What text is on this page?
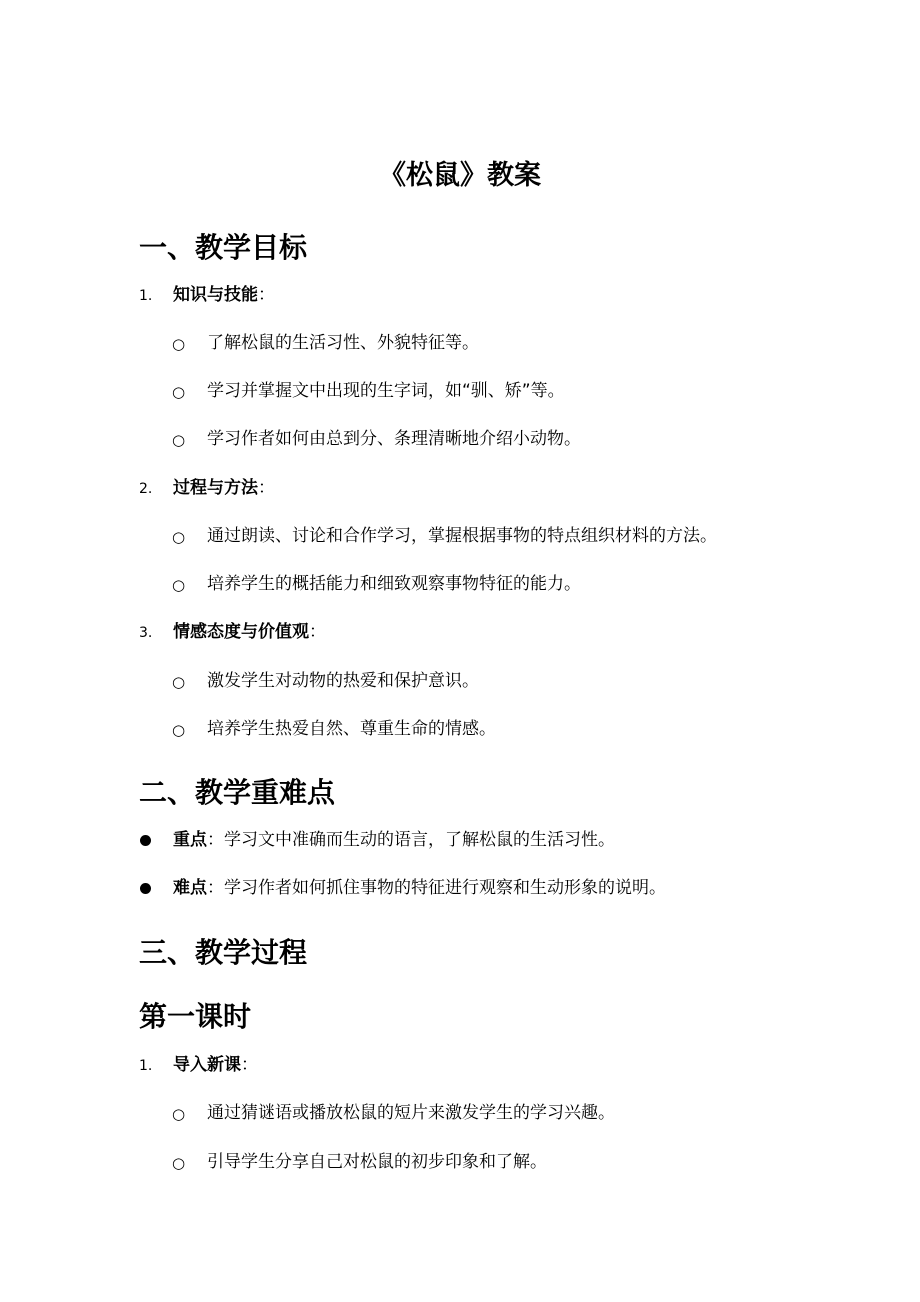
《松鼠》教案
一、教学目标
1. 知识与技能：
○ 了解松鼠的生活习性、外貌特征等。
○ 学习并掌握文中出现的生字词，如“驯、矫”等。
○ 学习作者如何由总到分、条理清晰地介绍小动物。
2. 过程与方法：
○ 通过朗读、讨论和合作学习，掌握根据事物的特点组织材料的方法。
○ 培养学生的概括能力和细致观察事物特征的能力。
3. 情感态度与价值观：
○ 激发学生对动物的热爱和保护意识。
○ 培养学生热爱自然、尊重生命的情感。
二、教学重难点
重点：学习文中准确而生动的语言，了解松鼠的生活习性。
难点：学习作者如何抓住事物的特征进行观察和生动形象的说明。
三、教学过程
第一课时
1. 导入新课：
○ 通过猜谜语或播放松鼠的短片来激发学生的学习兴趣。
○ 引导学生分享自己对松鼠的初步印象和了解。
